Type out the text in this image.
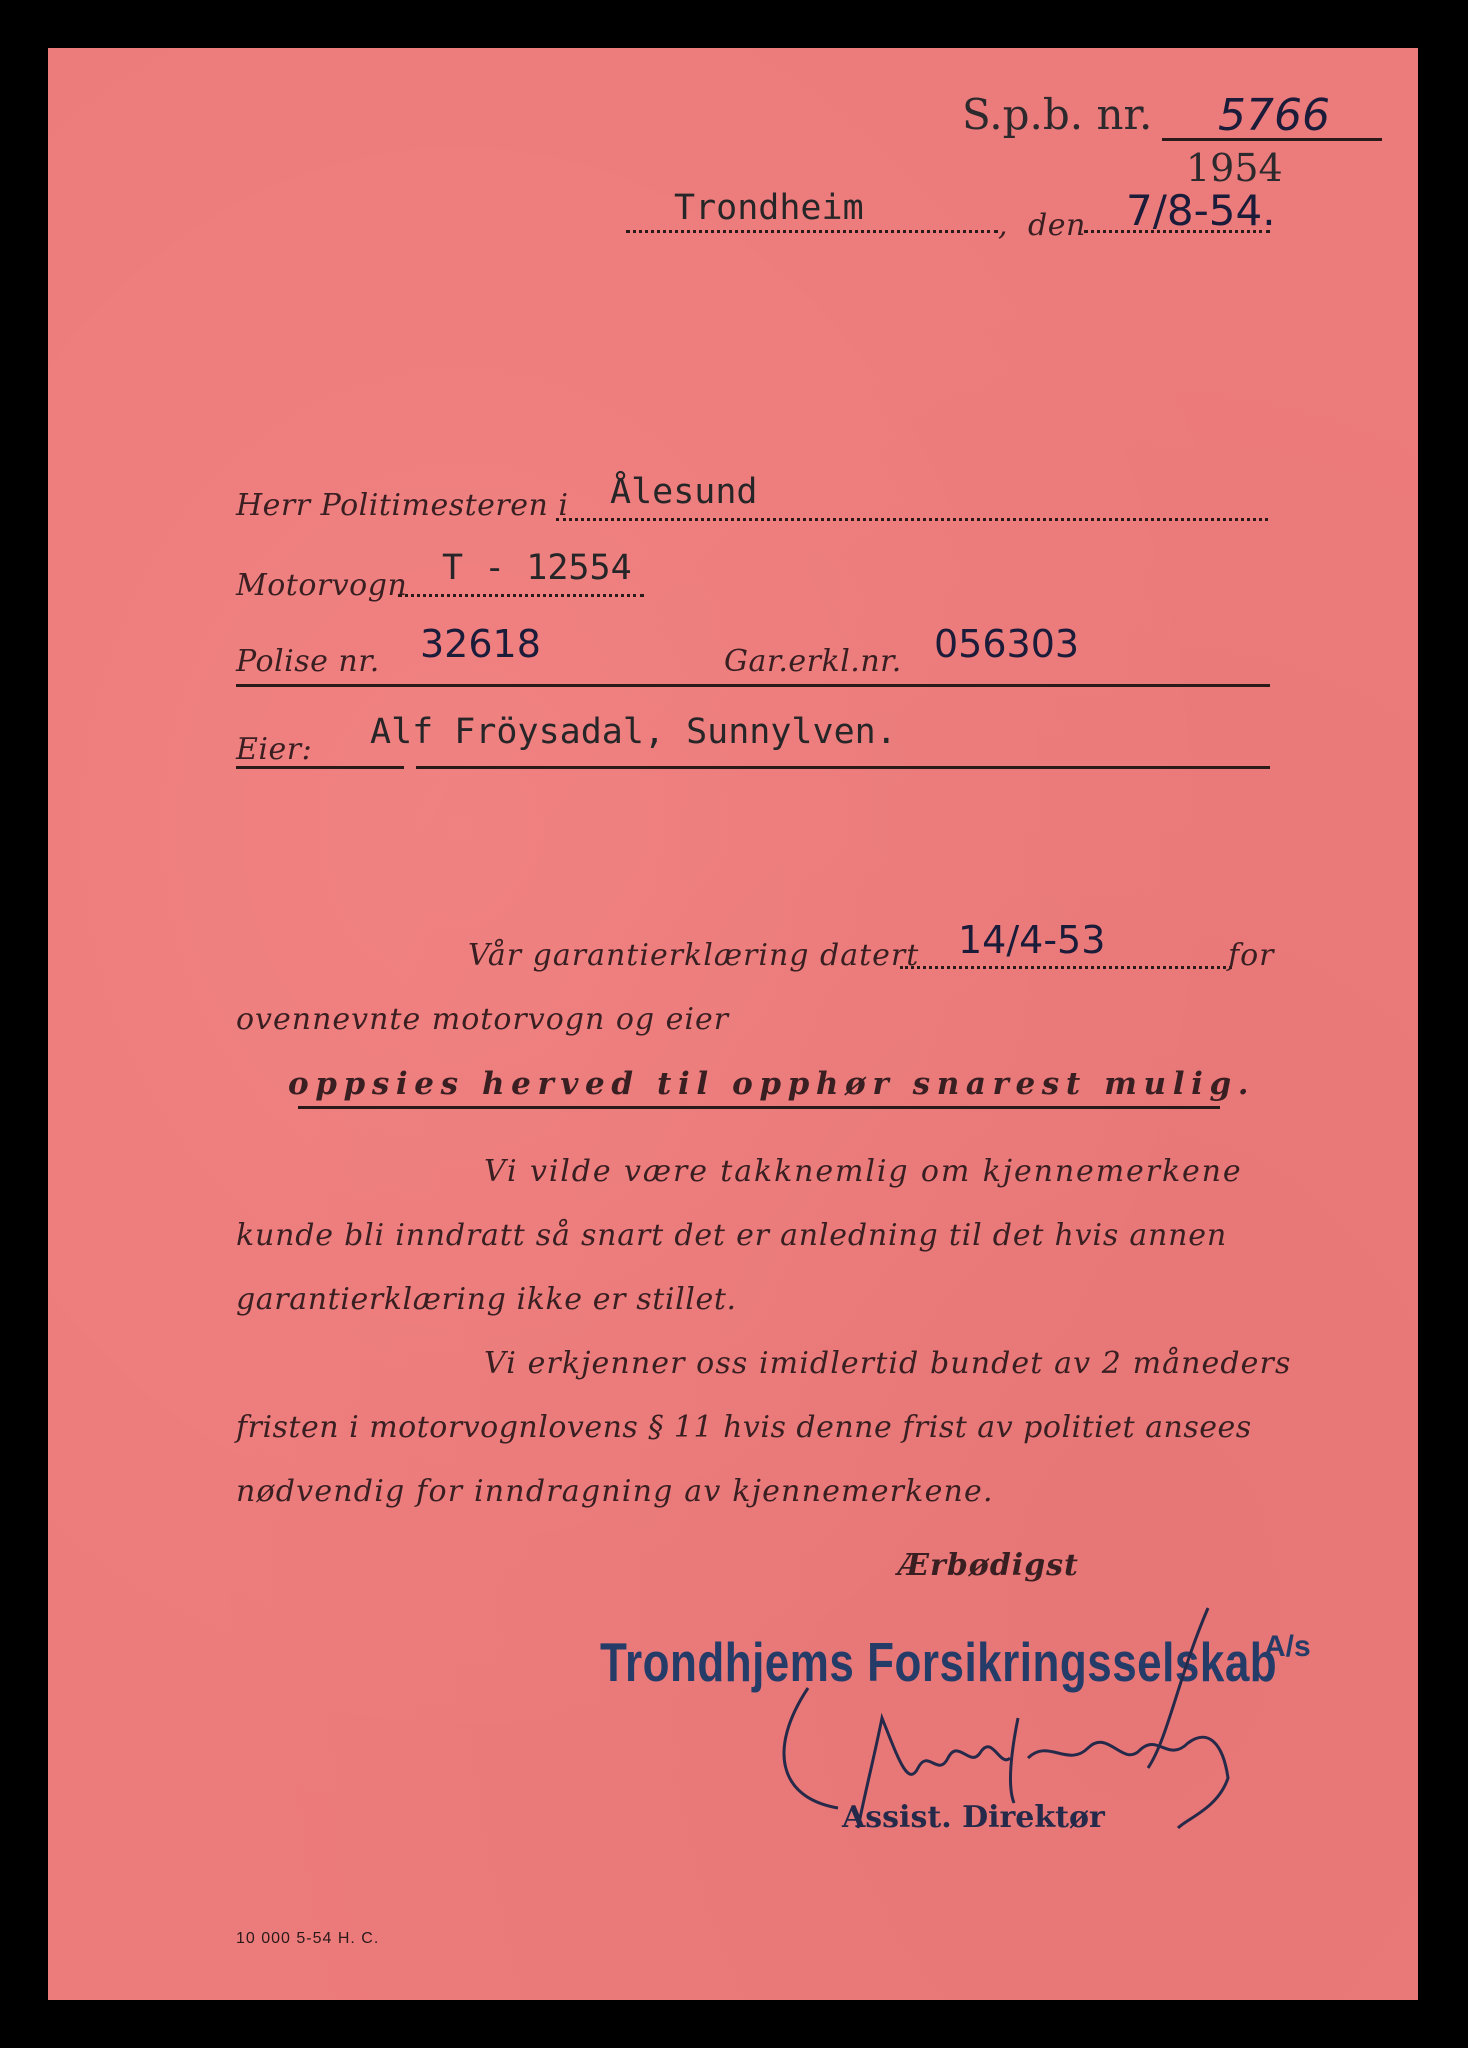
S.p.b. nr. 5766
1954
Trondheim	, den 7/8-54.
Herr Politimesteren i Ålesund
Motorvogn T - 12554
Polise nr. 32618	Gar.erkl.nr. 056303
Eier: Alf Fröysadal, Sunnylven.
Vår garantierklæring datert 14/4-53	for
ovennevnte motorvogn og eier
oppsies herved til opphør snarest mulig.
Vi vilde være takknemlig om kjennemerkene
kunde bli inndratt så snart det er anledning til det hvis annen
garantierklæring ikke er stillet.
Vi erkjenner oss imidlertid bundet av 2 måneders
fristen i motorvognlovens § 11 hvis denne frist av politiet ansees
nødvendig for inndragning av kjennemerkene.
Ærbødigst
Trondhjems Forsikringsselskab
A/s
Assist. Direktør
10 000 5-54 H. C.
